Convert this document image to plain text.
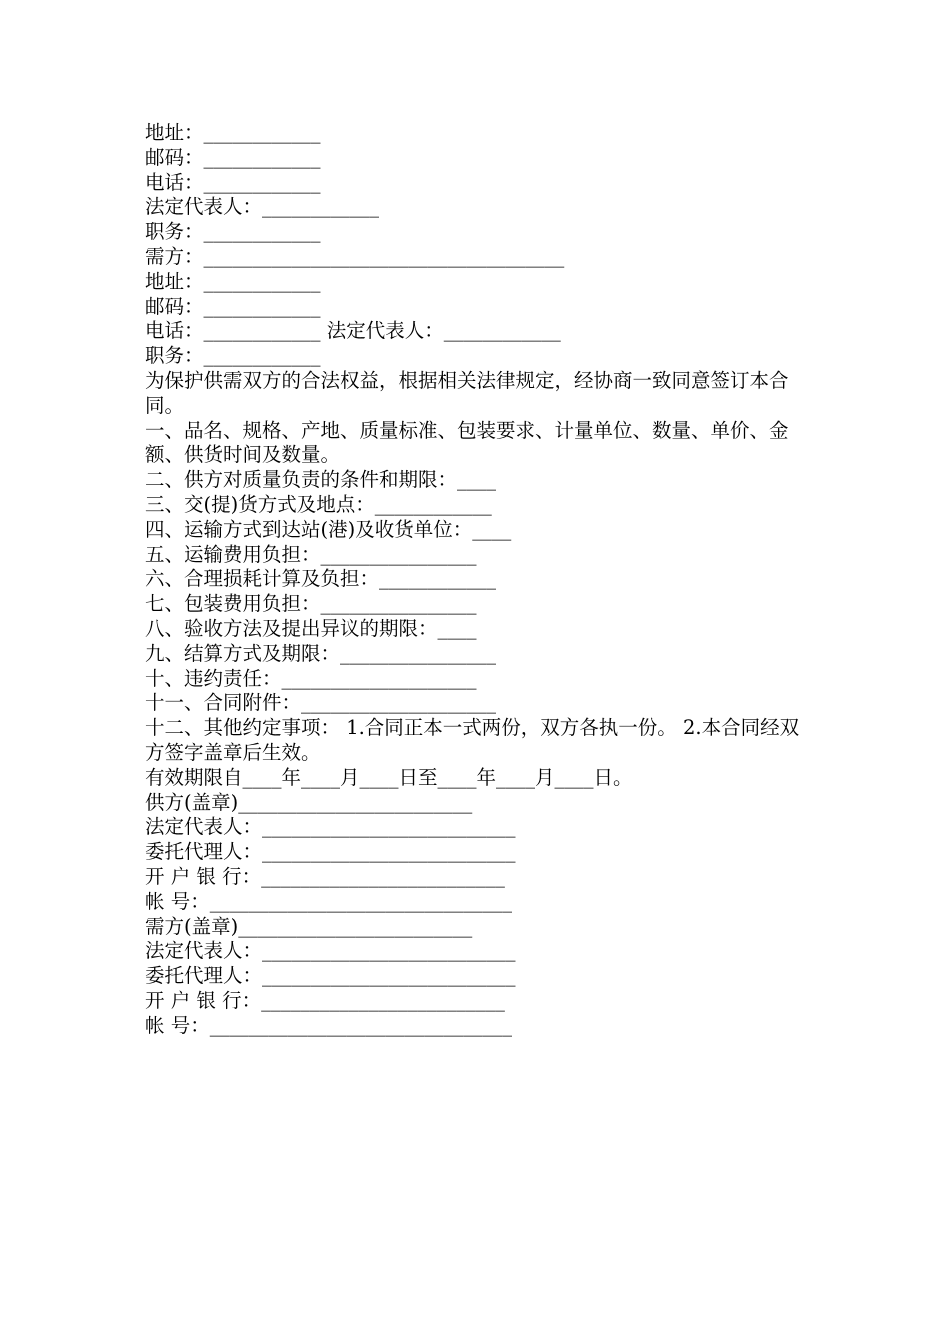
地址：____________
邮码：____________
电话：____________
法定代表人：____________
职务：____________
需方：_____________________________________
地址：____________
邮码：____________
电话：____________ 法定代表人：____________
职务：____________
为保护供需双方的合法权益，根据相关法律规定，经协商一致同意签订本合同。
一、品名、规格、产地、质量标准、包装要求、计量单位、数量、单价、金额、供货时间及数量。
二、供方对质量负责的条件和期限：____
三、交(提)货方式及地点：____________
四、运输方式到达站(港)及收货单位：____
五、运输费用负担：________________
六、合理损耗计算及负担：____________
七、包装费用负担：________________
八、验收方法及提出异议的期限：____
九、结算方式及期限：________________
十、违约责任：____________________
十一、合同附件：____________________
十二、其他约定事项： 1.合同正本一式两份，双方各执一份。 2.本合同经双方签字盖章后生效。
有效期限自____年____月____日至____年____月____日。
供方(盖章)________________________
法定代表人：__________________________
委托代理人：__________________________
开 户 银 行：_________________________
帐 号：_______________________________
需方(盖章)________________________
法定代表人：__________________________
委托代理人：__________________________
开 户 银 行：_________________________
帐 号：_______________________________
